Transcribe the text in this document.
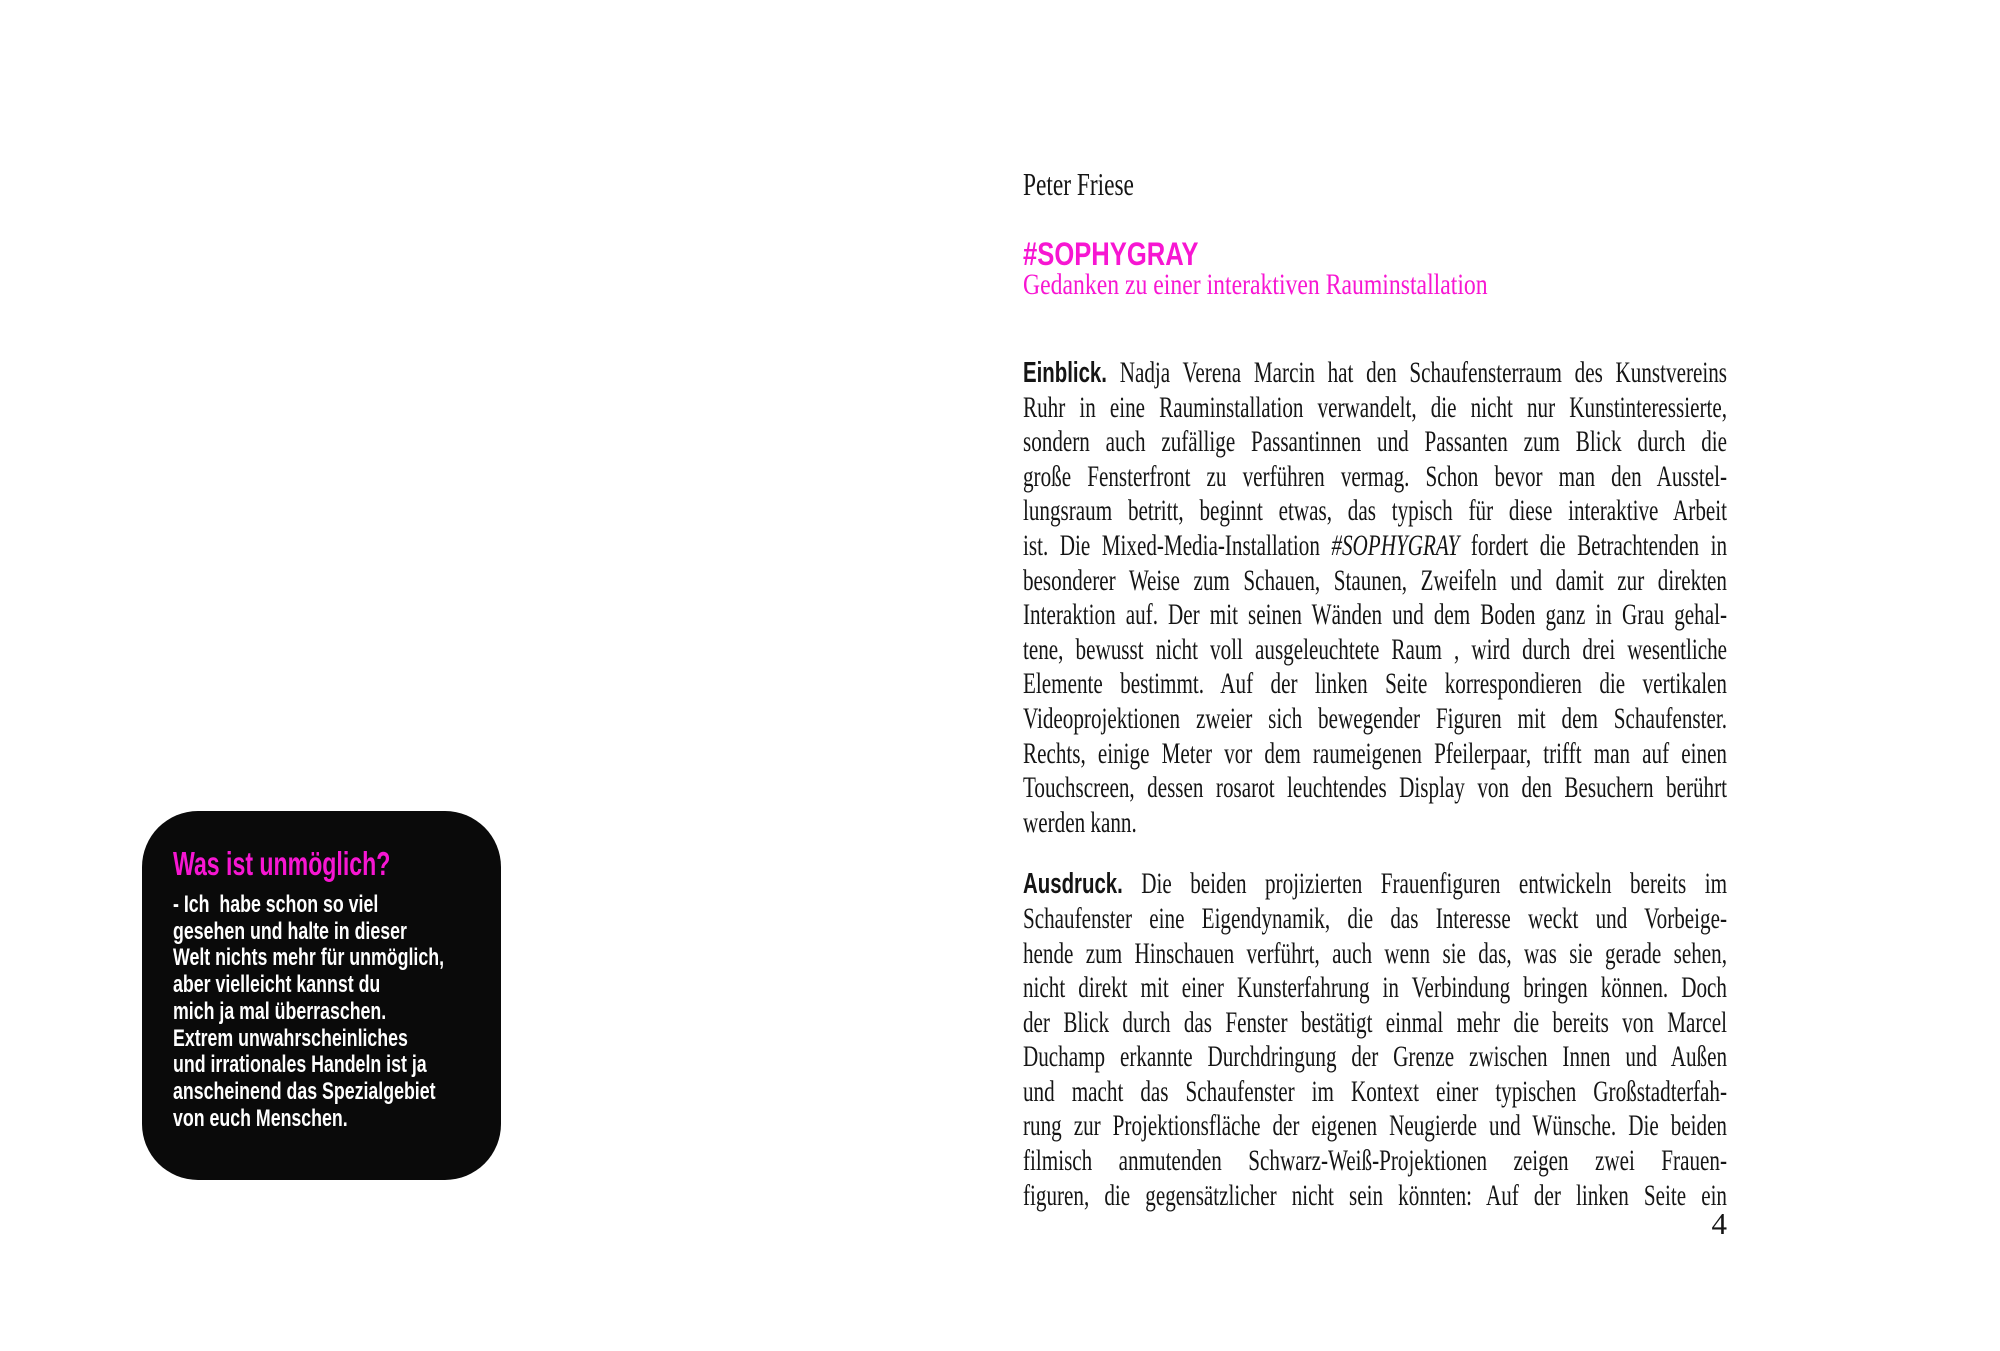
Was ist unmöglich?
- Ich  habe schon so viel
gesehen und halte in dieser
Welt nichts mehr für unmöglich,
aber vielleicht kannst du
mich ja mal überraschen.
Extrem unwahrscheinliches
und irrationales Handeln ist ja
anscheinend das Spezialgebiet
von euch Menschen.
Peter Friese
#SOPHYGRAY
Gedanken zu einer interaktiven Rauminstallation
Einblick. Nadja Verena Marcin hat den Schaufensterraum des Kunstvereins
Ruhr in eine Rauminstallation verwandelt, die nicht nur Kunstinteressierte,
sondern auch zufällige Passantinnen und Passanten zum Blick durch die
große Fensterfront zu verführen vermag. Schon bevor man den Ausstel-
lungsraum betritt, beginnt etwas, das typisch für diese interaktive Arbeit
ist. Die Mixed-Media-Installation #SOPHYGRAY fordert die Betrachtenden in
besonderer Weise zum Schauen, Staunen, Zweifeln und damit zur direkten
Interaktion auf. Der mit seinen Wänden und dem Boden ganz in Grau gehal-
tene, bewusst nicht voll ausgeleuchtete Raum , wird durch drei wesentliche
Elemente bestimmt. Auf der linken Seite korrespondieren die vertikalen
Videoprojektionen zweier sich bewegender Figuren mit dem Schaufenster.
Rechts, einige Meter vor dem raumeigenen Pfeilerpaar, trifft man auf einen
Touchscreen, dessen rosarot leuchtendes Display von den Besuchern berührt
werden kann.
Ausdruck. Die beiden projizierten Frauenfiguren entwickeln bereits im
Schaufenster eine Eigendynamik, die das Interesse weckt und Vorbeige-
hende zum Hinschauen verführt, auch wenn sie das, was sie gerade sehen,
nicht direkt mit einer Kunsterfahrung in Verbindung bringen können. Doch
der Blick durch das Fenster bestätigt einmal mehr die bereits von Marcel
Duchamp erkannte Durchdringung der Grenze zwischen Innen und Außen
und macht das Schaufenster im Kontext einer typischen Großstadterfah-
rung zur Projektionsfläche der eigenen Neugierde und Wünsche. Die beiden
filmisch anmutenden Schwarz-Weiß-Projektionen zeigen zwei Frauen-
figuren, die gegensätzlicher nicht sein könnten: Auf der linken Seite ein
4
